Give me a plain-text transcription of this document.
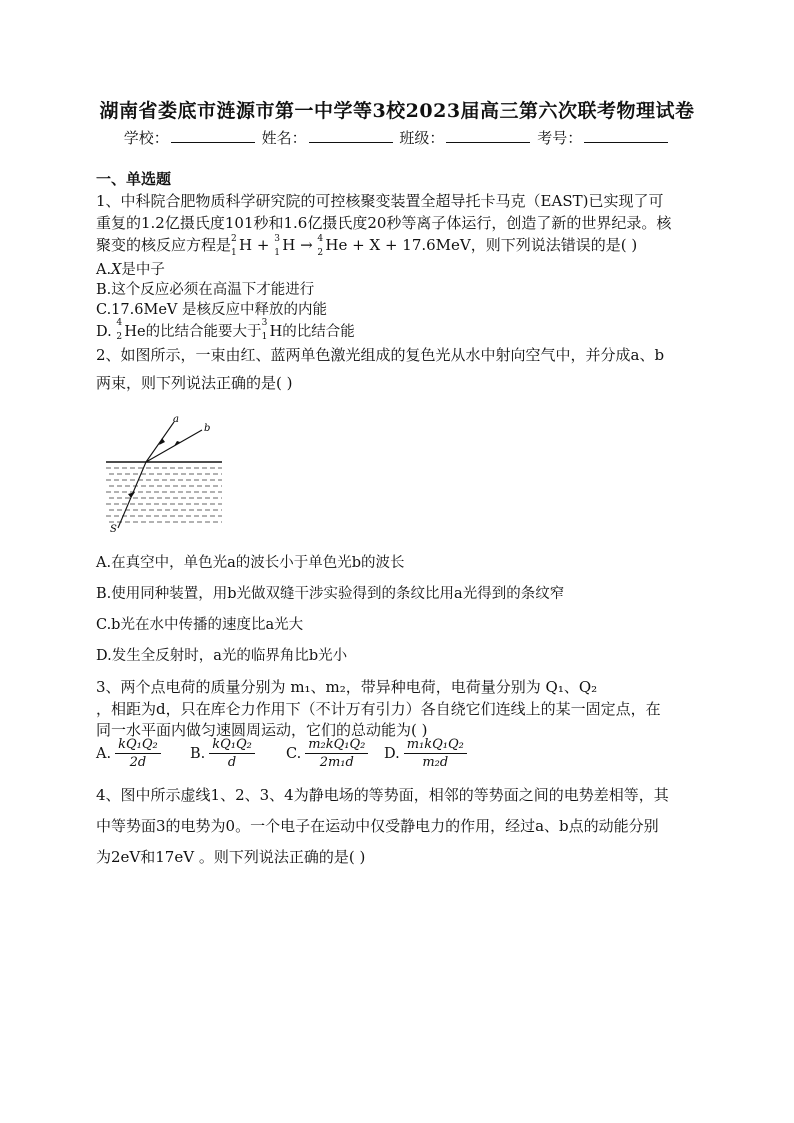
湖南省娄底市涟源市第一中学等3校2023届高三第六次联考物理试卷
学校：	姓名：	班级：	考号：
一、单选题
1、中科院合肥物质科学研究院的可控核聚变装置全超导托卡马克（EAST)已实现了可
重复的1.2亿摄氏度101秒和1.6亿摄氏度20秒等离子体运行，创造了新的世界纪录。核
聚变的核反应方程是 2
1 H + 3
1 H → 4
2 He + X + 17.6MeV，则下列说法错误的是( )
A.X是中子
B.这个反应必须在高温下才能进行
C.17.6MeV 是核反应中释放的内能
D.
4
2 He的比结合能要大于
3
1 H的比结合能
2、如图所示，一束由红、蓝两单色激光组成的复色光从水中射向空气中，并分成a、b
两束，则下列说法正确的是( )
a
b
S
A.在真空中，单色光a的波长小于单色光b的波长
B.使用同种装置，用b光做双缝干涉实验得到的条纹比用a光得到的条纹窄
C.b光在水中传播的速度比a光大
D.发生全反射时，a光的临界角比b光小
3、两个点电荷的质量分别为 m₁、m₂，带异种电荷，电荷量分别为 Q₁、Q₂
，相距为d，只在库仑力作用下（不计万有引力）各自绕它们连线上的某一固定点，在
同一水平面内做匀速圆周运动，它们的总动能为( )
A. $\frac{\text{kQ₁Q₂}}{2d} B$. $\frac{\text{kQ₁Q₂}}{d} C$. $\frac{\text{m₂kQ₁Q₂}}{\text{2m₁d}} D$. $\frac{\text{m₁kQ₁Q₂}}{\text{m₂d}}$
4、图中所示虚线1、2、3、4为静电场的等势面，相邻的等势面之间的电势差相等，其
中等势面3的电势为0。一个电子在运动中仅受静电力的作用，经过a、b点的动能分别
为2eV和17eV 。则下列说法正确的是( )
